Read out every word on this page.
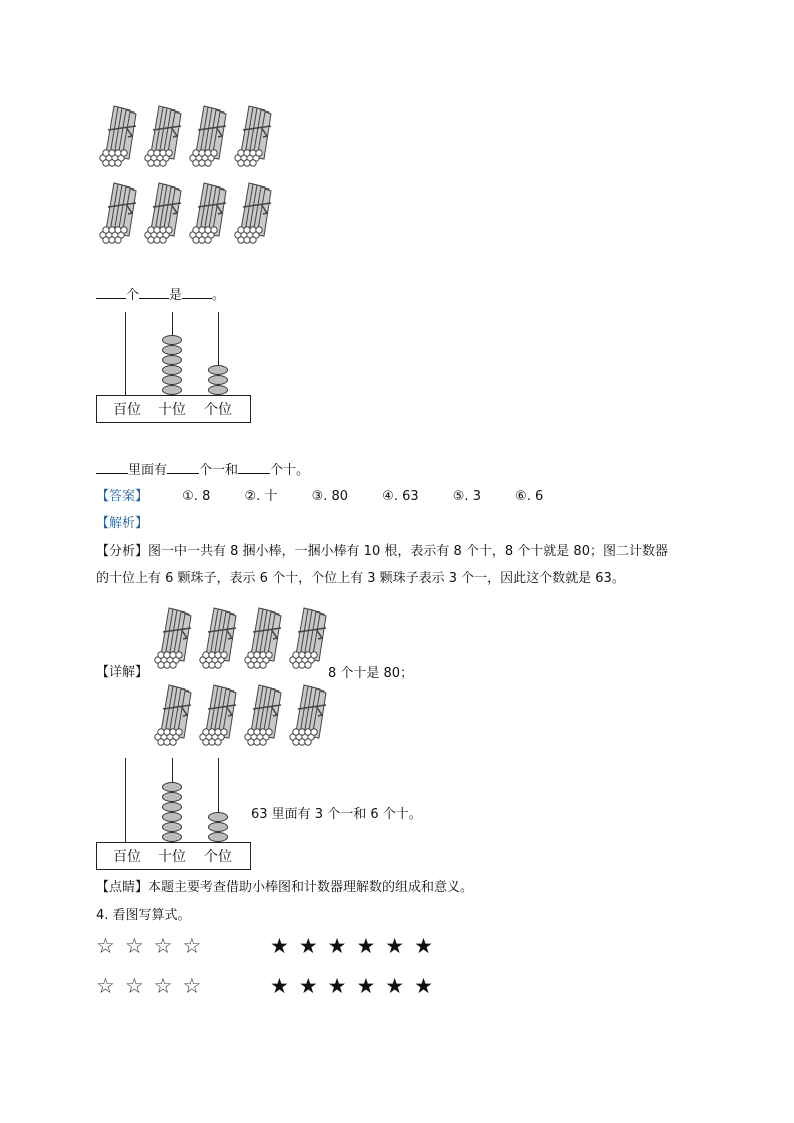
个 是 。
百位 十位 个位
里面有 个一和 个十。
【答案】	①. 8	②. 十	③. 80	④. 63	⑤. 3	⑥. 6
【解析】
【分析】图一中一共有 8 捆小棒，一捆小棒有 10 根，表示有 8 个十，8 个十就是 80；图二计数器
的十位上有 6 颗珠子，表示 6 个十，个位上有 3 颗珠子表示 3 个一，因此这个数就是 63。
【详解】	8 个十是 80；
百位 十位 个位
63 里面有 3 个一和 6 个十。
【点睛】本题主要考查借助小棒图和计数器理解数的组成和意义。
4. 看图写算式。
☆☆☆☆	★★★★★★
☆☆☆☆	★★★★★★
